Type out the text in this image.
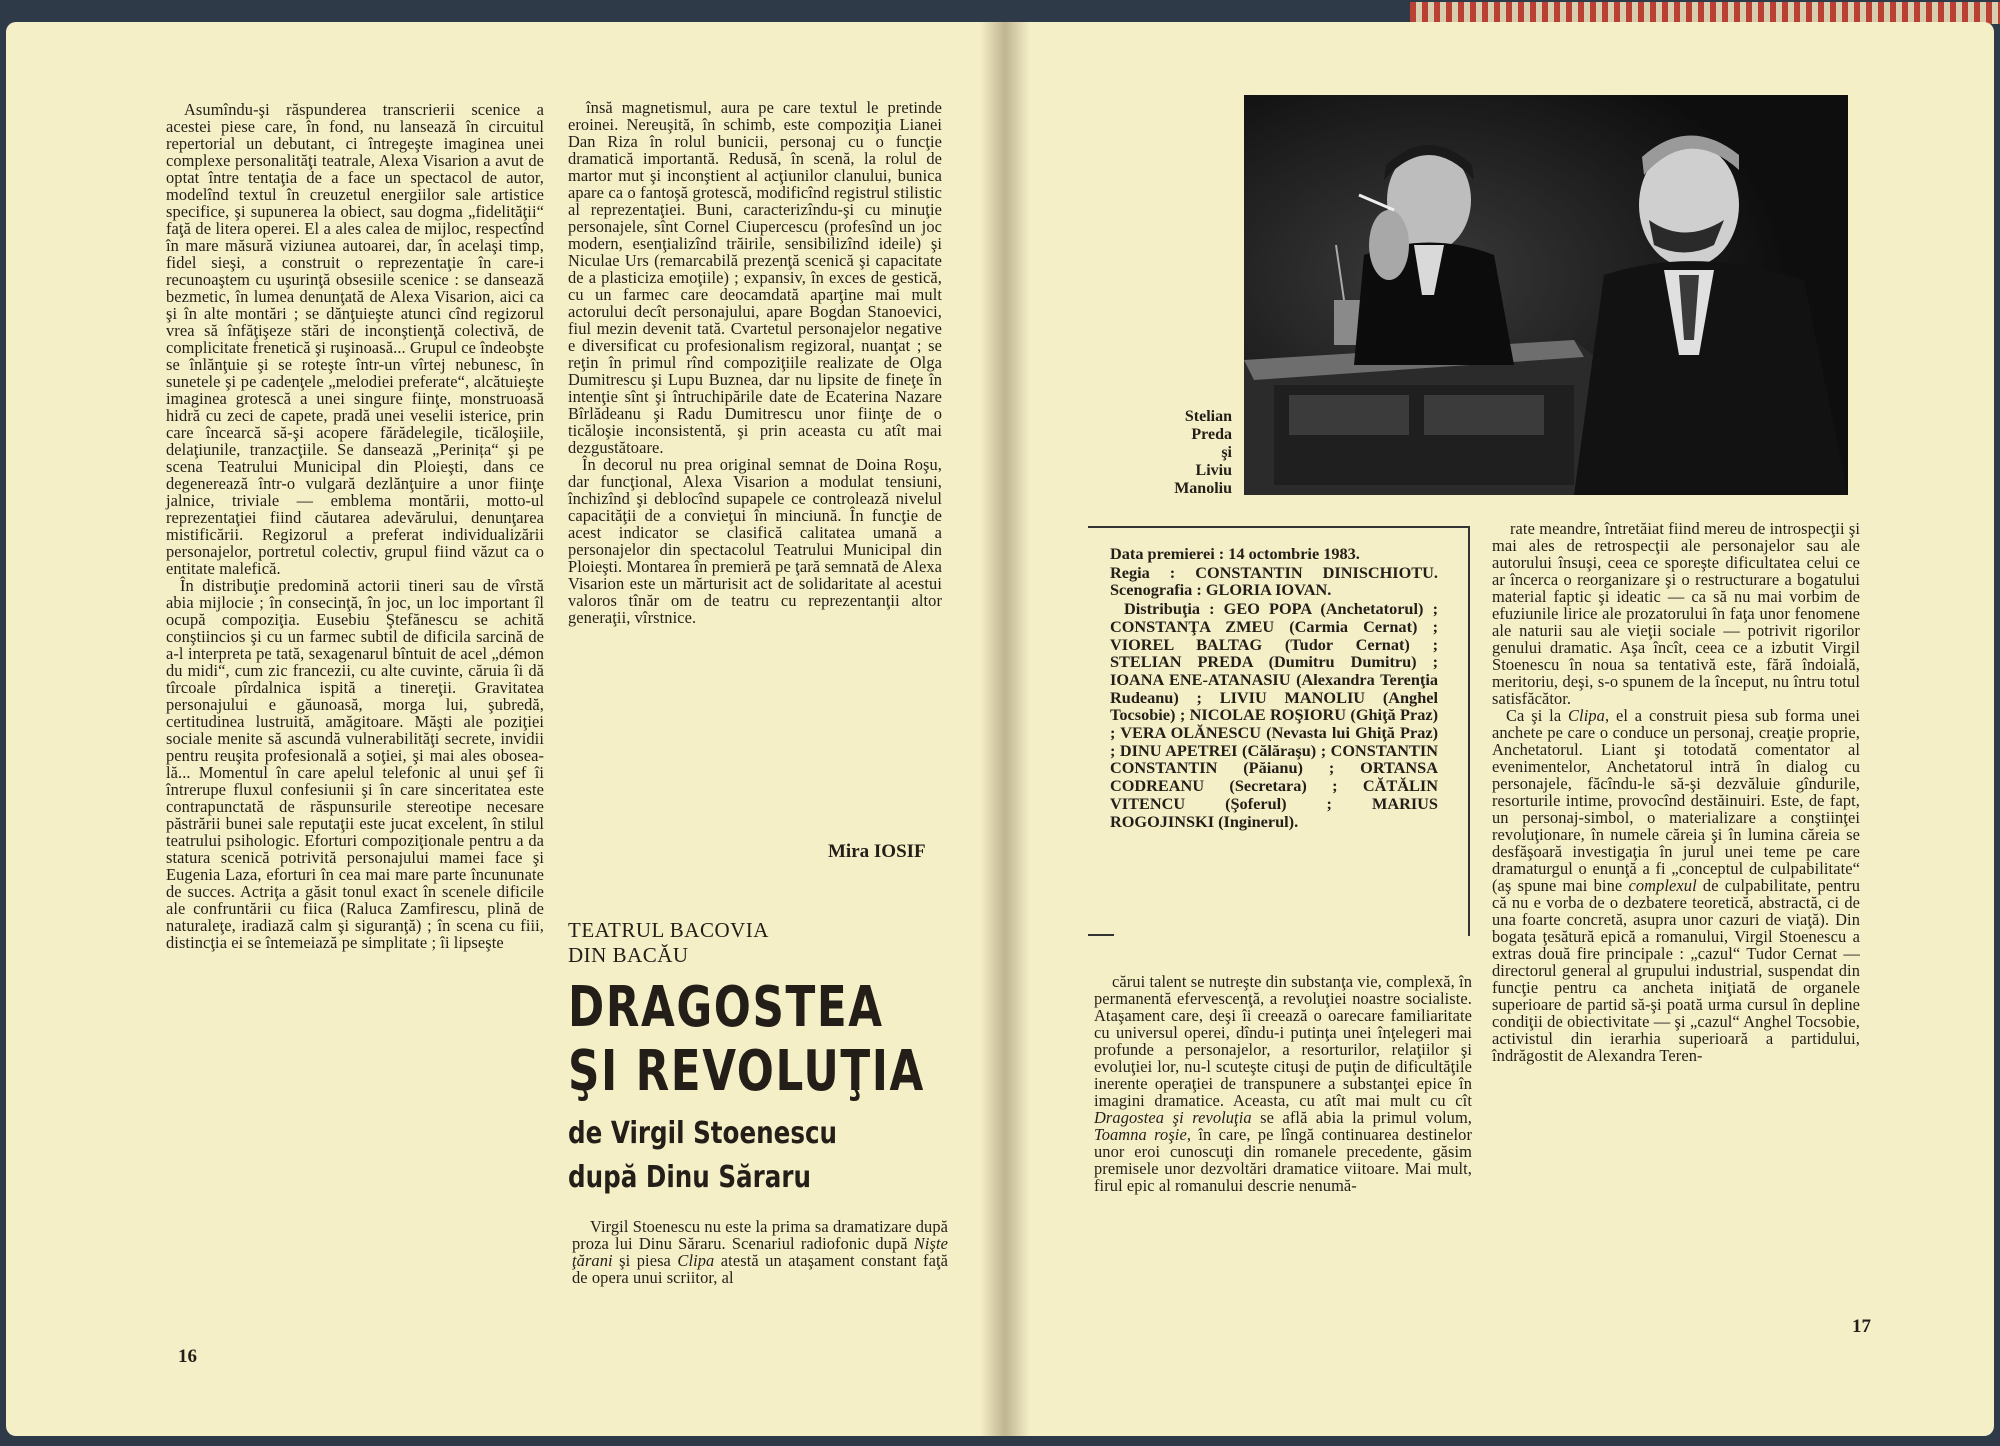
Asumîndu-şi răspunderea transcrierii scenice a acestei piese care, în fond, nu lansează în circuitul repertorial un debutant, ci întregeşte imaginea unei complexe personalităţi teatrale, Alexa Visarion a avut de optat între tentaţia de a face un spectacol de autor, modelînd textul în creuzetul energiilor sale artistice specifice, şi supunerea la obiect, sau dogma „fidelităţii“ faţă de litera operei. El a ales calea de mijloc, respectînd în mare măsură viziunea autoarei, dar, în acelaşi timp, fidel sieşi, a construit o reprezentaţie în care-i recunoaştem cu uşurinţă obsesiile scenice : se dansează bezmetic, în lumea denunţată de Alexa Visarion, aici ca şi în alte montări ; se dănţuieşte atunci cînd regizorul vrea să înfăţişeze stări de inconştienţă colectivă, de complicitate frenetică şi ruşinoasă... Grupul ce îndeobşte se înlănţuie şi se roteşte într-un vîrtej nebunesc, în sunetele şi pe cadenţele „melodiei preferate“, alcătuieşte imaginea grotescă a unei singure fiinţe, monstruoasă hidră cu zeci de capete, pradă unei veselii isterice, prin care încearcă să-şi acopere fărădelegile, ticăloşiile, delaţiunile, tranzacţiile. Se dansează „Perinița“ şi pe scena Teatrului Municipal din Ploieşti, dans ce degenerează într-o vulgară dezlănţuire a unor fiinţe jalnice, triviale — emblema montării, motto-ul reprezentaţiei fiind căutarea adevărului, denunţarea mistificării. Regizorul a preferat individualizării personajelor, portretul colectiv, grupul fiind văzut ca o entitate malefică.

În distribuţie predomină actorii tineri sau de vîrstă abia mijlocie ; în consecinţă, în joc, un loc important îl ocupă compoziţia. Eusebiu Ştefănescu se achită conştiincios şi cu un farmec subtil de dificila sarcină de a-l interpreta pe tată, sexagenarul bîntuit de acel „démon du midi“, cum zic francezii, cu alte cuvinte, căruia îi dă tîrcoale pîrdalnica ispită a tinereţii. Gravitatea personajului e găunoasă, morga lui, şubredă, certitudinea lustruită, amăgitoare. Măşti ale poziţiei sociale menite să ascundă vulnerabilităţi secrete, invidii pentru reuşita profesională a soţiei, şi mai ales oboseală... Momentul în care apelul telefonic al unui şef îi întrerupe fluxul confesiunii şi în care sinceritatea este contrapunctată de răspunsurile stereotipe necesare păstrării bunei sale reputaţii este jucat excelent, în stilul teatrului psihologic. Eforturi compoziţionale pentru a da statura scenică potrivită personajului mamei face şi Eugenia Laza, eforturi în cea mai mare parte încununate de succes. Actriţa a găsit tonul exact în scenele dificile ale confruntării cu fiica (Raluca Zamfirescu, plină de naturaleţe, iradiază calm şi siguranţă) ; în scena cu fiii, distincţia ei se întemeiază pe simplitate ; îi lipseşte

însă magnetismul, aura pe care textul le pretinde eroinei. Nereuşită, în schimb, este compoziţia Lianei Dan Riza în rolul bunicii, personaj cu o funcţie dramatică importantă. Redusă, în scenă, la rolul de martor mut şi inconştient al acţiunilor clanului, bunica apare ca o fantoşă grotescă, modificînd registrul stilistic al reprezentaţiei. Buni, caracterizîndu-şi cu minuţie personajele, sînt Cornel Ciupercescu (profesînd un joc modern, esenţializînd trăirile, sensibilizînd ideile) şi Niculae Urs (remarcabilă prezenţă scenică şi capacitate de a plasticiza emoţiile) ; expansiv, în exces de gestică, cu un farmec care deocamdată aparţine mai mult actorului decît personajului, apare Bogdan Stanoevici, fiul mezin devenit tată. Cvartetul personajelor negative e diversificat cu profesionalism regizoral, nuanţat ; se reţin în primul rînd compoziţiile realizate de Olga Dumitrescu şi Lupu Buznea, dar nu lipsite de fineţe în intenţie sînt şi întruchipările date de Ecaterina Nazare Bîrlădeanu şi Radu Dumitrescu unor fiinţe de o ticăloşie inconsistentă, şi prin aceasta cu atît mai dezgustătoare.

În decorul nu prea original semnat de Doina Roşu, dar funcţional, Alexa Visarion a modulat tensiuni, închizînd şi deblocînd supapele ce controlează nivelul capacităţii de a convieţui în minciună. În funcţie de acest indicator se clasifică calitatea umană a personajelor din spectacolul Teatrului Municipal din Ploieşti. Montarea în premieră pe ţară semnată de Alexa Visarion este un mărturisit act de solidaritate al acestui valoros tînăr om de teatru cu reprezentanţii altor generaţii, vîrstnice.

Mira IOSIF
TEATRUL BACOVIA
DIN BACĂU
DRAGOSTEA
ŞI REVOLUŢIA
de Virgil Stoenescu
după Dinu Săraru

Virgil Stoenescu nu este la prima sa dramatizare după proza lui Dinu Săraru. Scenariul radiofonic după Nişte ţărani şi piesa Clipa atestă un ataşament constant faţă de opera unui scriitor, al

16
Stelian
Preda
şi
Liviu
Manoliu

Data premierei : 14 octombrie 1983.

Regia : CONSTANTIN DINISCHIOTU. Scenografia : GLORIA IOVAN.

Distribuţia : GEO POPA (Anchetatorul) ; CONSTANŢA ZMEU (Carmia Cernat) ; VIOREL BALTAG (Tudor Cernat) ; STELIAN PREDA (Dumitru Dumitru) ; IOANA ENE-ATANASIU (Alexandra Terenţia Rudeanu) ; LIVIU MANOLIU (Anghel Tocsobie) ; NICOLAE ROŞIORU (Ghiţă Praz) ; VERA OLĂNESCU (Nevasta lui Ghiţă Praz) ; DINU APETREI (Călăraşu) ; CONSTANTIN CONSTANTIN (Păianu) ; ORTANSA CODREANU (Secretara) ; CĂTĂLIN VITENCU (Şoferul) ; MARIUS ROGOJINSKI (Inginerul).

cărui talent se nutreşte din substanţa vie, complexă, în permanentă efervescenţă, a revoluţiei noastre socialiste. Ataşament care, deşi îi creează o oarecare familiaritate cu universul operei, dîndu-i putinţa unei înţelegeri mai profunde a personajelor, a resorturilor, relaţiilor şi evoluţiei lor, nu-l scuteşte cituşi de puţin de dificultăţile inerente operaţiei de transpunere a substanţei epice în imagini dramatice. Aceasta, cu atît mai mult cu cît Dragostea şi revoluţia se află abia la primul volum, Toamna roşie, în care, pe lîngă continuarea destinelor unor eroi cunoscuţi din romanele precedente, găsim premisele unor dezvoltări dramatice viitoare. Mai mult, firul epic al romanului descrie nenumă-

rate meandre, întretăiat fiind mereu de introspecţii şi mai ales de retrospecţii ale personajelor sau ale autorului însuşi, ceea ce sporeşte dificultatea celui ce ar încerca o reorganizare şi o restructurare a bogatului material faptic şi ideatic — ca să nu mai vorbim de efuziunile lirice ale prozatorului în faţa unor fenomene ale naturii sau ale vieţii sociale — potrivit rigorilor genului dramatic. Aşa încît, ceea ce a izbutit Virgil Stoenescu în noua sa tentativă este, fără îndoială, meritoriu, deşi, s-o spunem de la început, nu întru totul satisfăcător.

Ca şi la Clipa, el a construit piesa sub forma unei anchete pe care o conduce un personaj, creaţie proprie, Anchetatorul. Liant şi totodată comentator al evenimentelor, Anchetatorul intră în dialog cu personajele, făcîndu-le să-şi dezvăluie gîndurile, resorturile intime, provocînd destăinuiri. Este, de fapt, un personaj-simbol, o materializare a conştiinţei revoluţionare, în numele căreia şi în lumina căreia se desfăşoară investigaţia în jurul unei teme pe care dramaturgul o enunţă a fi „conceptul de culpabilitate“ (aş spune mai bine complexul de culpabilitate, pentru că nu e vorba de o dezbatere teoretică, abstractă, ci de una foarte concretă, asupra unor cazuri de viaţă). Din bogata ţesătură epică a romanului, Virgil Stoenescu a extras două fire principale : „cazul“ Tudor Cernat — directorul general al grupului industrial, suspendat din funcţie pentru ca ancheta iniţiată de organele superioare de partid să-şi poată urma cursul în depline condiţii de obiectivitate — şi „cazul“ Anghel Tocsobie, activistul din ierarhia superioară a partidului, îndrăgostit de Alexandra Teren-

17
